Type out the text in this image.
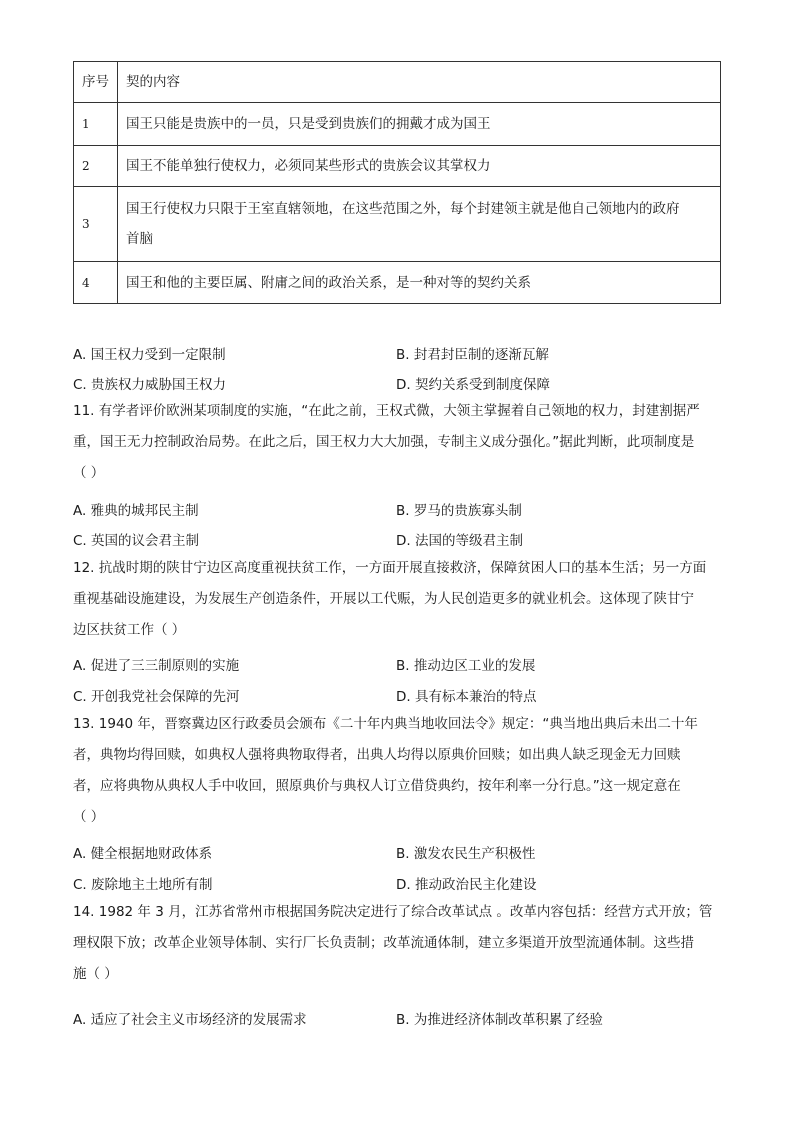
序号	契的内容
1	国王只能是贵族中的一员，只是受到贵族们的拥戴才成为国王
2	国王不能单独行使权力，必须同某些形式的贵族会议其掌权力
3	国王行使权力只限于王室直辖领地，在这些范围之外，每个封建领主就是他自己领地内的政府
首脑

4	国王和他的主要臣属、附庸之间的政治关系，是一种对等的契约关系
A. 国王权力受到一定限制	B. 封君封臣制的逐渐瓦解
C. 贵族权力威胁国王权力	D. 契约关系受到制度保障

11. 有学者评价欧洲某项制度的实施，“在此之前，王权式微，大领主掌握着自己领地的权力，封建割据严

重，国王无力控制政治局势。在此之后，国王权力大大加强，专制主义成分强化。”据此判断，此项制度是

（ ）

A. 雅典的城邦民主制	B. 罗马的贵族寡头制
C. 英国的议会君主制	D. 法国的等级君主制

12. 抗战时期的陕甘宁边区高度重视扶贫工作，一方面开展直接救济，保障贫困人口的基本生活；另一方面

重视基础设施建设，为发展生产创造条件，开展以工代赈，为人民创造更多的就业机会。这体现了陕甘宁

边区扶贫工作（ ）

A. 促进了三三制原则的实施	B. 推动边区工业的发展
C. 开创我党社会保障的先河	D. 具有标本兼治的特点

13. 1940 年，晋察冀边区行政委员会颁布《二十年内典当地收回法令》规定：“典当地出典后未出二十年

者，典物均得回赎，如典权人强将典物取得者，出典人均得以原典价回赎；如出典人缺乏现金无力回赎

者，应将典物从典权人手中收回，照原典价与典权人订立借贷典约，按年利率一分行息。”这一规定意在

（ ）

A. 健全根据地财政体系	B. 激发农民生产积极性
C. 废除地主土地所有制	D. 推动政治民主化建设

14. 1982 年 3 月，江苏省常州市根据国务院决定进行了综合改革试点 。改革内容包括：经营方式开放；管

理权限下放；改革企业领导体制、实行厂长负责制；改革流通体制，建立多渠道开放型流通体制。这些措

施（ ）

A. 适应了社会主义市场经济的发展需求	B. 为推进经济体制改革积累了经验
